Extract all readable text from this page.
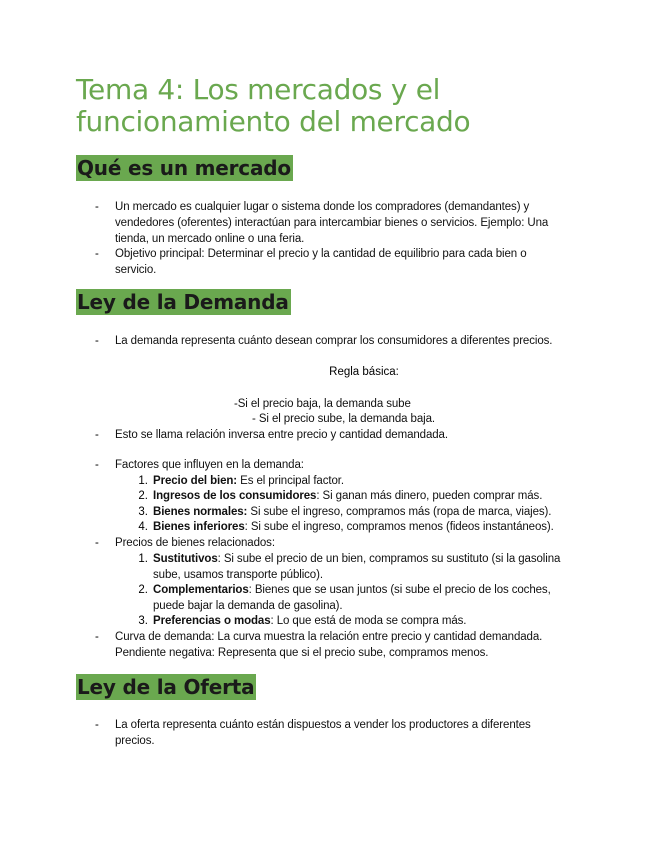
Tema 4: Los mercados y el funcionamiento del mercado
Qué es un mercado
- Un mercado es cualquier lugar o sistema donde los compradores (demandantes) y vendedores (oferentes) interactúan para intercambiar bienes o servicios. Ejemplo: Una tienda, un mercado online o una feria.
- Objetivo principal: Determinar el precio y la cantidad de equilibrio para cada bien o servicio.
Ley de la Demanda
- La demanda representa cuánto desean comprar los consumidores a diferentes precios.
Regla básica:
-Si el precio baja, la demanda sube
- Si el precio sube, la demanda baja.
- Esto se llama relación inversa entre precio y cantidad demandada.
- Factores que influyen en la demanda:
1. Precio del bien: Es el principal factor.
2. Ingresos de los consumidores: Si ganan más dinero, pueden comprar más.
3. Bienes normales: Si sube el ingreso, compramos más (ropa de marca, viajes).
4. Bienes inferiores: Si sube el ingreso, compramos menos (fideos instantáneos).
- Precios de bienes relacionados:
1. Sustitutivos: Si sube el precio de un bien, compramos su sustituto (si la gasolina sube, usamos transporte público).
2. Complementarios: Bienes que se usan juntos (si sube el precio de los coches, puede bajar la demanda de gasolina).
3. Preferencias o modas: Lo que está de moda se compra más.
- Curva de demanda: La curva muestra la relación entre precio y cantidad demandada.
Pendiente negativa: Representa que si el precio sube, compramos menos.
Ley de la Oferta
- La oferta representa cuánto están dispuestos a vender los productores a diferentes precios.
